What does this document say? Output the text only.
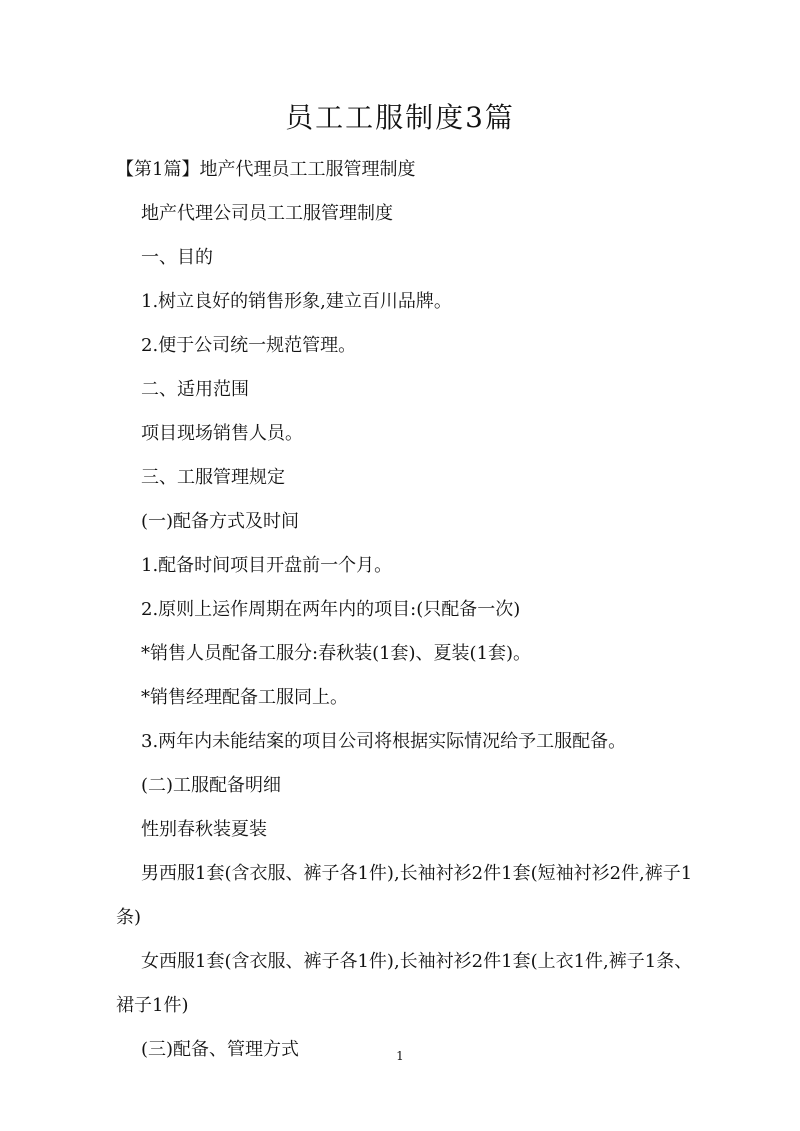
员工工服制度3篇

【第1篇】地产代理员工工服管理制度

地产代理公司员工工服管理制度

一、目的

1.树立良好的销售形象,建立百川品牌。

2.便于公司统一规范管理。

二、适用范围

项目现场销售人员。

三、工服管理规定

(一)配备方式及时间

1.配备时间项目开盘前一个月。

2.原则上运作周期在两年内的项目:(只配备一次)

*销售人员配备工服分:春秋装(1套)、夏装(1套)。

*销售经理配备工服同上。

3.两年内未能结案的项目公司将根据实际情况给予工服配备。

(二)工服配备明细

性别春秋装夏装

男西服1套(含衣服、裤子各1件),长袖衬衫2件1套(短袖衬衫2件,裤子1条)

女西服1套(含衣服、裤子各1件),长袖衬衫2件1套(上衣1件,裤子1条、裙子1件)

(三)配备、管理方式	1
